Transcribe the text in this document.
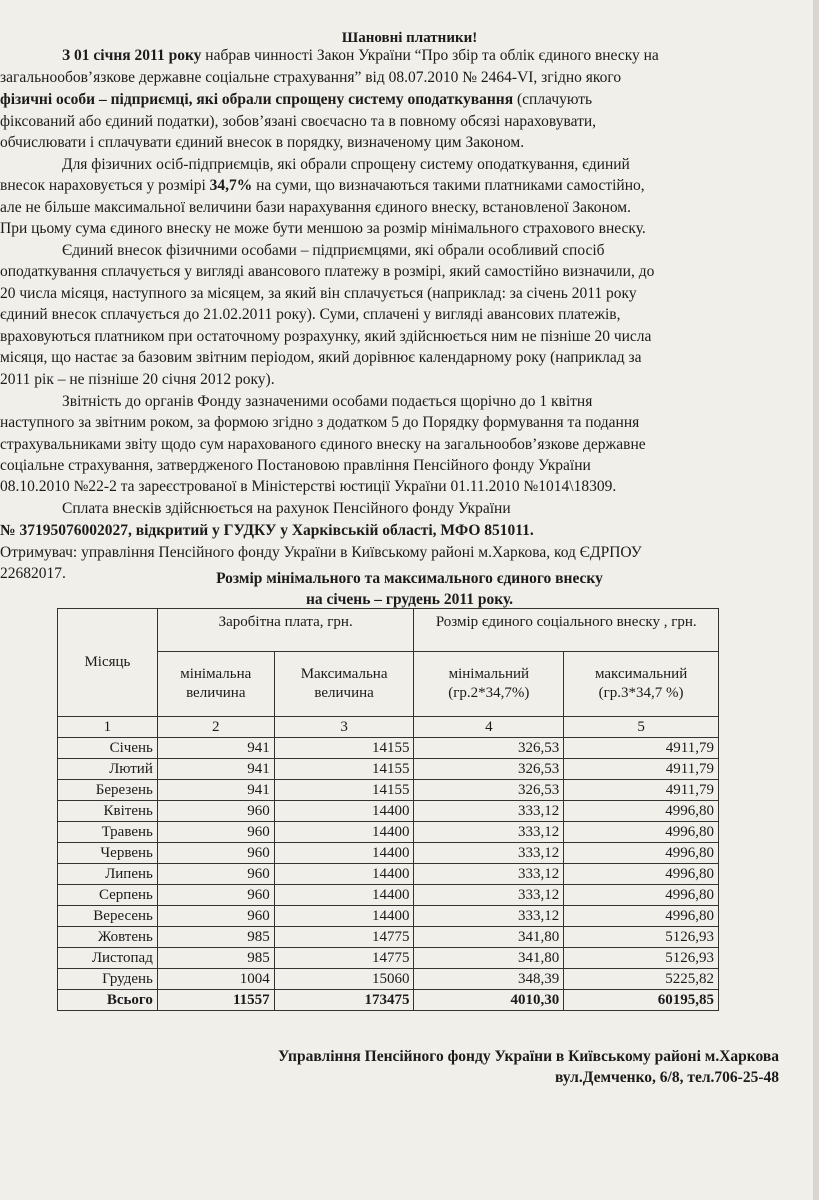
Шановні платники!
З 01 січня 2011 року набрав чинності Закон України “Про збір та облік єдиного внеску на
загальнообов’язкове державне соціальне страхування” від 08.07.2010 № 2464-VI, згідно якого
фізичні особи – підприємці, які обрали спрощену систему оподаткування (сплачують
фіксований або єдиний податки), зобов’язані своєчасно та в повному обсязі нараховувати,
обчислювати і сплачувати єдиний внесок в порядку, визначеному цим Законом.
Для фізичних осіб-підприємців, які обрали спрощену систему оподаткування, єдиний
внесок нараховується у розмірі 34,7% на суми, що визначаються такими платниками самостійно,
але не більше максимальної величини бази нарахування єдиного внеску, встановленої Законом.
При цьому сума єдиного внеску не може бути меншою за розмір мінімального страхового внеску.
Єдиний внесок фізичними особами – підприємцями, які обрали особливий спосіб
оподаткування сплачується у вигляді авансового платежу в розмірі, який самостійно визначили, до
20 числа місяця, наступного за місяцем, за який він сплачується (наприклад: за січень 2011 року
єдиний внесок сплачується до 21.02.2011 року). Суми, сплачені у вигляді авансових платежів,
враховуються платником при остаточному розрахунку, який здійснюється ним не пізніше 20 числа
місяця, що настає за базовим звітним періодом, який дорівнює календарному року (наприклад за
2011 рік – не пізніше 20 січня 2012 року).
Звітність до органів Фонду зазначеними особами подається щорічно до 1 квітня
наступного за звітним роком, за формою згідно з додатком 5 до Порядку формування та подання
страхувальниками звіту щодо сум нарахованого єдиного внеску на загальнообов’язкове державне
соціальне страхування, затвердженого Постановою правління Пенсійного фонду України
08.10.2010 №22-2 та зареєстрованої в Міністерстві юстиції України 01.11.2010 №1014\18309.
Сплата внесків здійснюється на рахунок Пенсійного фонду України
№ 37195076002027, відкритий у ГУДКУ у Харківській області, МФО 851011.
Отримувач: управління Пенсійного фонду України в Київському районі м.Харкова, код ЄДРПОУ
22682017.	Розмір мінімального та максимального єдиного внеску
на січень – грудень 2011 року.
Місяць	Заробітна плата, грн.		Розмір єдиного соціального внеску , грн.	
	мінімальна величина	Максимальна величина	мінімальний (гр.2*34,7%)	максимальний (гр.3*34,7 %)
1	2	3	4	5
Січень	941	14155	326,53	4911,79
Лютий	941	14155	326,53	4911,79
Березень	941	14155	326,53	4911,79
Квітень	960	14400	333,12	4996,80
Травень	960	14400	333,12	4996,80
Червень	960	14400	333,12	4996,80
Липень	960	14400	333,12	4996,80
Серпень	960	14400	333,12	4996,80
Вересень	960	14400	333,12	4996,80
Жовтень	985	14775	341,80	5126,93
Листопад	985	14775	341,80	5126,93
Грудень	1004	15060	348,39	5225,82
Всього	11557	173475	4010,30	60195,85
Управління Пенсійного фонду України в Київському районі м.Харкова
вул.Демченко, 6/8, тел.706-25-48
